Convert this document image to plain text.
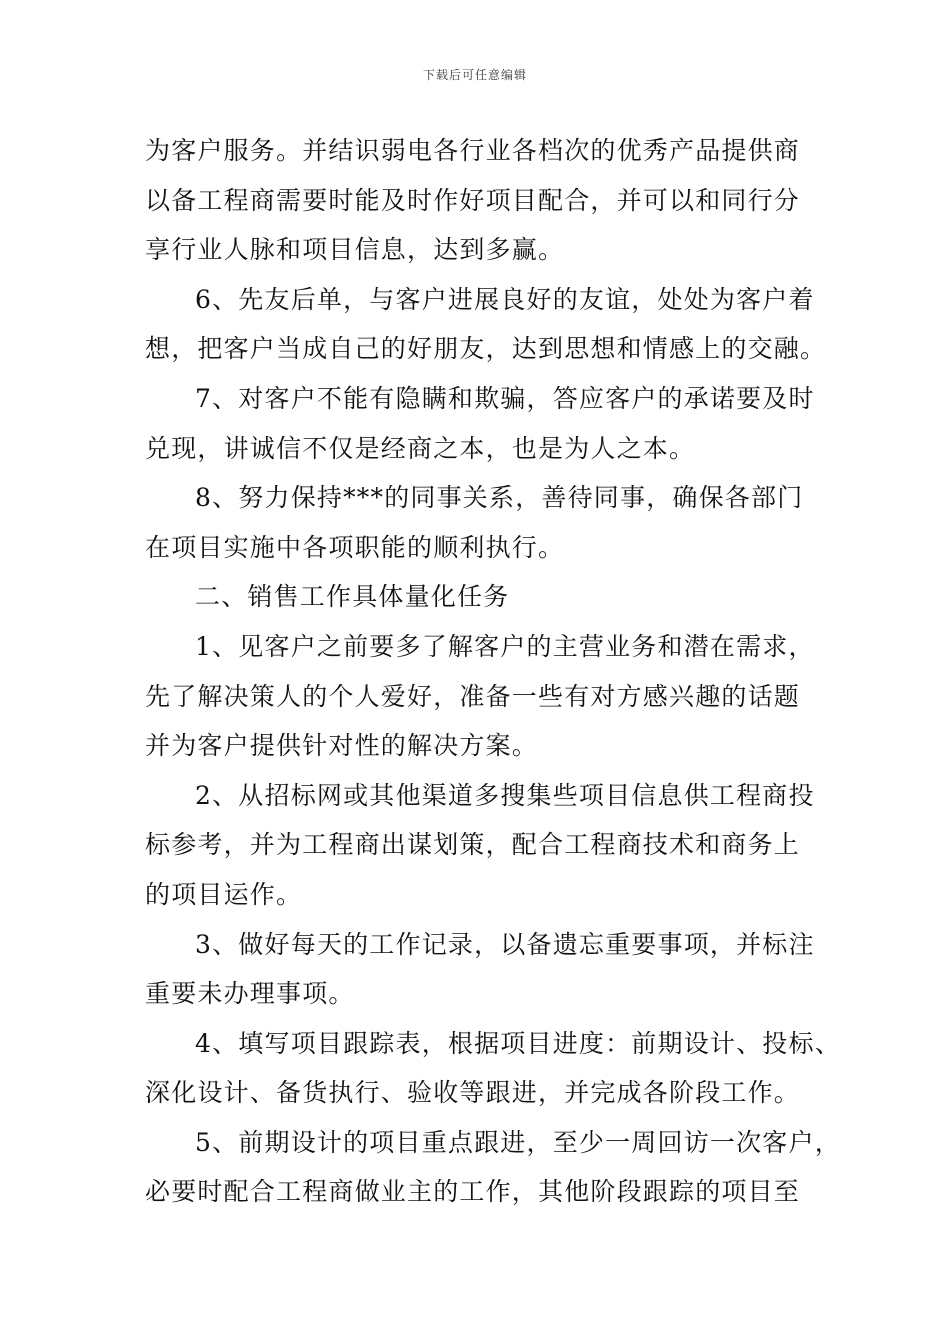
下载后可任意编辑
为客户服务。并结识弱电各行业各档次的优秀产品提供商
以备工程商需要时能及时作好项目配合，并可以和同行分
享行业人脉和项目信息，达到多赢。
6、先友后单，与客户进展良好的友谊，处处为客户着
想，把客户当成自己的好朋友，达到思想和情感上的交融。
7、对客户不能有隐瞒和欺骗，答应客户的承诺要及时
兑现，讲诚信不仅是经商之本，也是为人之本。
8、努力保持***的同事关系，善待同事，确保各部门
在项目实施中各项职能的顺利执行。
二、销售工作具体量化任务
1、见客户之前要多了解客户的主营业务和潜在需求，
先了解决策人的个人爱好，准备一些有对方感兴趣的话题
并为客户提供针对性的解决方案。
2、从招标网或其他渠道多搜集些项目信息供工程商投
标参考，并为工程商出谋划策，配合工程商技术和商务上
的项目运作。
3、做好每天的工作记录，以备遗忘重要事项，并标注
重要未办理事项。
4、填写项目跟踪表，根据项目进度：前期设计、投标、
深化设计、备货执行、验收等跟进，并完成各阶段工作。
5、前期设计的项目重点跟进，至少一周回访一次客户，
必要时配合工程商做业主的工作，其他阶段跟踪的项目至
